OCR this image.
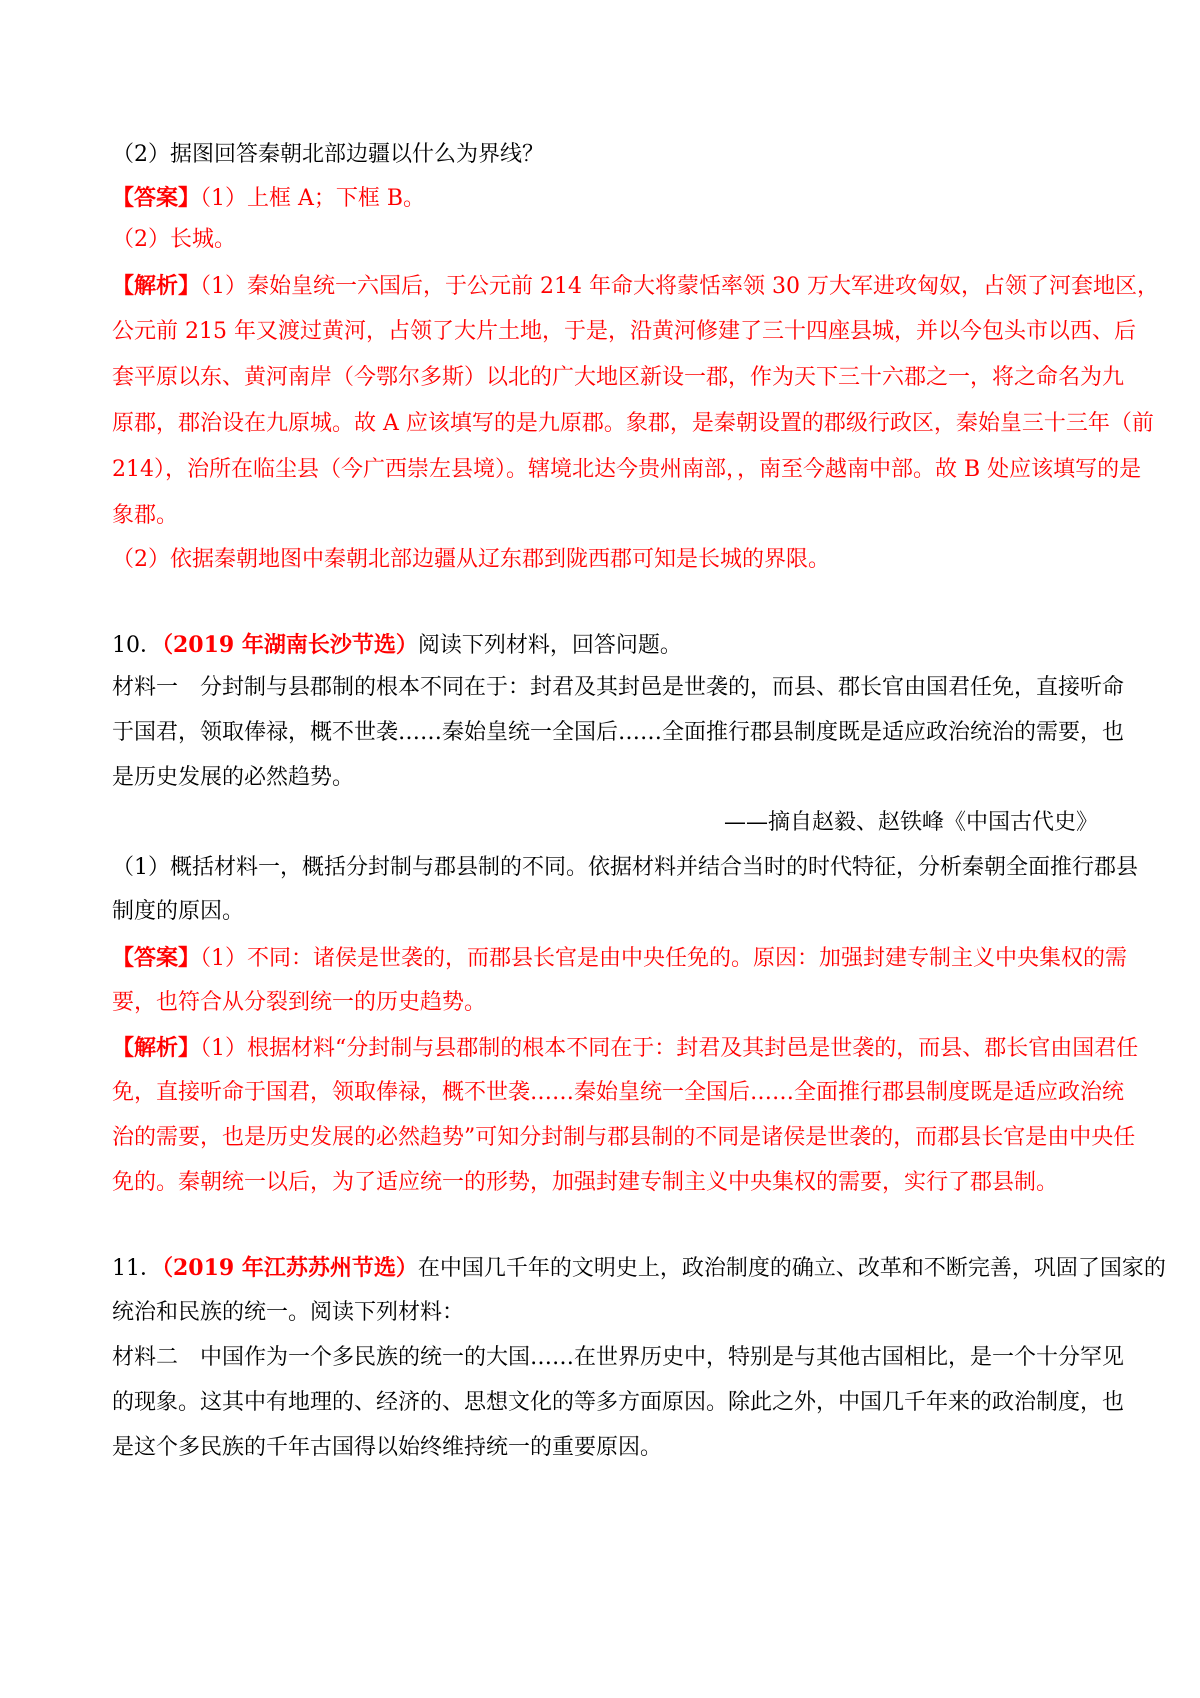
（2）据图回答秦朝北部边疆以什么为界线？
【答案】（1）上框 A；下框 B。
（2）长城。
【解析】（1）秦始皇统一六国后，于公元前 214 年命大将蒙恬率领 30 万大军进攻匈奴，占领了河套地区，
公元前 215 年又渡过黄河，占领了大片土地，于是，沿黄河修建了三十四座县城，并以今包头市以西、后
套平原以东、黄河南岸（今鄂尔多斯）以北的广大地区新设一郡，作为天下三十六郡之一，将之命名为九
原郡，郡治设在九原城。故 A 应该填写的是九原郡。象郡，是秦朝设置的郡级行政区，秦始皇三十三年（前
214），治所在临尘县（今广西崇左县境）。辖境北达今贵州南部，，南至今越南中部。故 B 处应该填写的是
象郡。
（2）依据秦朝地图中秦朝北部边疆从辽东郡到陇西郡可知是长城的界限。
10．（2019 年湖南长沙节选）阅读下列材料，回答问题。
材料一　分封制与县郡制的根本不同在于：封君及其封邑是世袭的，而县、郡长官由国君任免，直接听命
于国君，领取俸禄，概不世袭……秦始皇统一全国后……全面推行郡县制度既是适应政治统治的需要，也
是历史发展的必然趋势。
——摘自赵毅、赵铁峰《中国古代史》
（1）概括材料一，概括分封制与郡县制的不同。依据材料并结合当时的时代特征，分析秦朝全面推行郡县
制度的原因。
【答案】（1）不同：诸侯是世袭的，而郡县长官是由中央任免的。原因：加强封建专制主义中央集权的需
要，也符合从分裂到统一的历史趋势。
【解析】（1）根据材料“分封制与县郡制的根本不同在于：封君及其封邑是世袭的，而县、郡长官由国君任
免，直接听命于国君，领取俸禄，概不世袭……秦始皇统一全国后……全面推行郡县制度既是适应政治统
治的需要，也是历史发展的必然趋势”可知分封制与郡县制的不同是诸侯是世袭的，而郡县长官是由中央任
免的。秦朝统一以后，为了适应统一的形势，加强封建专制主义中央集权的需要，实行了郡县制。
11．（2019 年江苏苏州节选）在中国几千年的文明史上，政治制度的确立、改革和不断完善，巩固了国家的
统治和民族的统一。阅读下列材料：
材料二　中国作为一个多民族的统一的大国……在世界历史中，特别是与其他古国相比，是一个十分罕见
的现象。这其中有地理的、经济的、思想文化的等多方面原因。除此之外，中国几千年来的政治制度，也
是这个多民族的千年古国得以始终维持统一的重要原因。
